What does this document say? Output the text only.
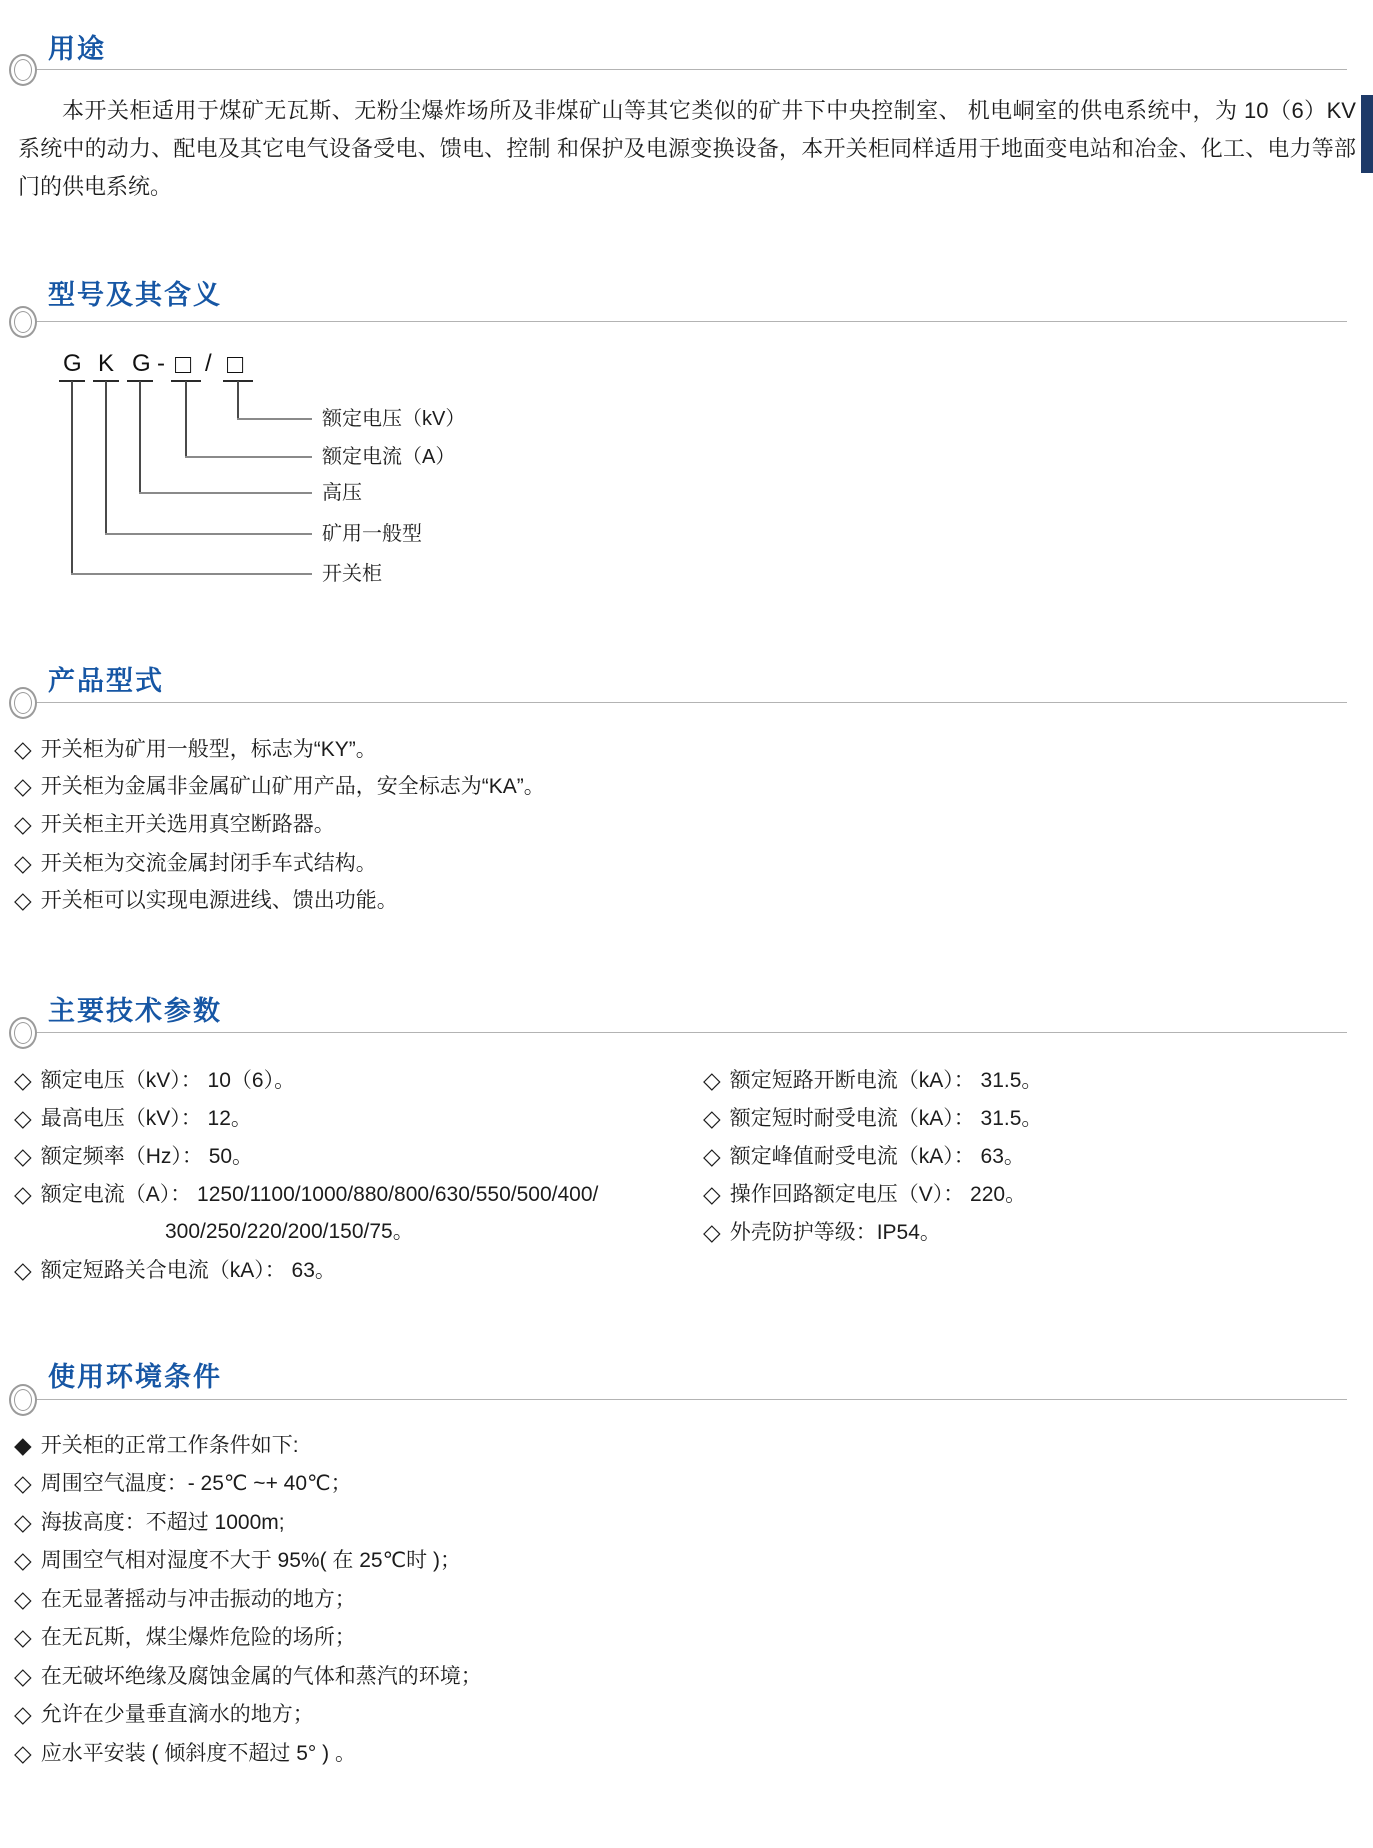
用途
本开关柜适用于煤矿无瓦斯、无粉尘爆炸场所及非煤矿山等其它类似的矿井下中央控制室、 机电峒室的供电系统中，为 10（6）KV 系统中的动力、配电及其它电气设备受电、馈电、控制 和保护及电源变换设备，本开关柜同样适用于地面变电站和冶金、化工、电力等部门的供电系统。
型号及其含义
G K G - □ / □
额定电压（kV）
额定电流（A）
高压
矿用一般型
开关柜
产品型式
◇ 开关柜为矿用一般型，标志为“KY”。
◇ 开关柜为金属非金属矿山矿用产品，安全标志为“KA”。
◇ 开关柜主开关选用真空断路器。
◇ 开关柜为交流金属封闭手车式结构。
◇ 开关柜可以实现电源进线、馈出功能。
主要技术参数
◇ 额定电压（kV）： 10（6）。
◇ 最高电压（kV）： 12。
◇ 额定频率（Hz）： 50。
◇ 额定电流（A）： 1250/1100/1000/880/800/630/550/500/400/
300/250/220/200/150/75。
◇ 额定短路关合电流（kA）： 63。
◇ 额定短路开断电流（kA）： 31.5。
◇ 额定短时耐受电流（kA）： 31.5。
◇ 额定峰值耐受电流（kA）： 63。
◇ 操作回路额定电压（V）： 220。
◇ 外壳防护等级：IP54。
使用环境条件
◆ 开关柜的正常工作条件如下:
◇ 周围空气温度：- 25℃ ~+ 40℃；
◇ 海拔高度：不超过 1000m;
◇ 周围空气相对湿度不大于 95%( 在 25℃时 )；
◇ 在无显著摇动与冲击振动的地方；
◇ 在无瓦斯，煤尘爆炸危险的场所；
◇ 在无破坏绝缘及腐蚀金属的气体和蒸汽的环境；
◇ 允许在少量垂直滴水的地方；
◇ 应水平安装 ( 倾斜度不超过 5° ) 。
